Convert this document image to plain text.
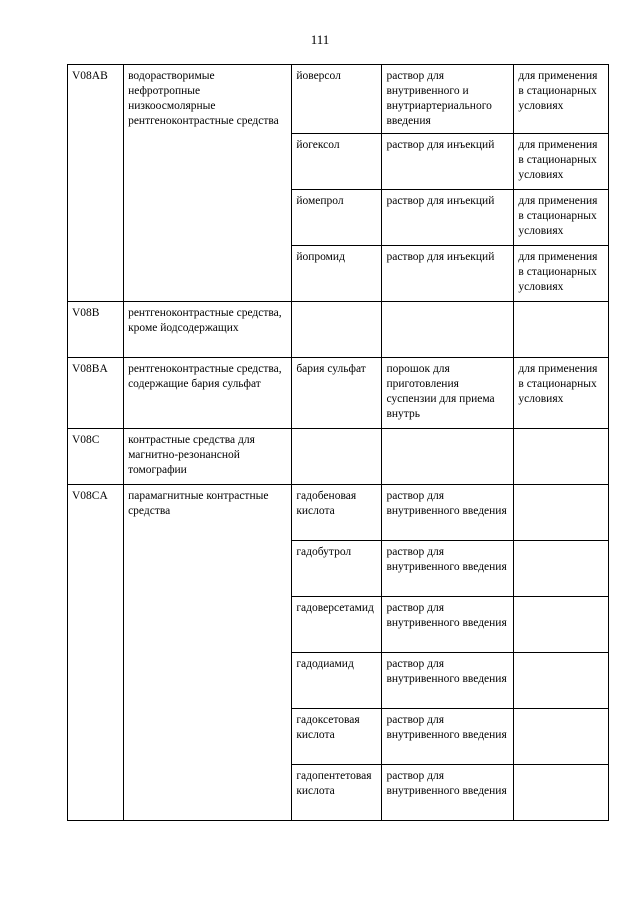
111
V08AB	водорастворимые нефротропные низкоосмолярные рентгеноконтрастные средства	йоверсол	раствор для внутривенного и внутриартериального введения	для применения
в стационарных условиях
		йогексол	раствор для инъекций	для применения
в стационарных условиях
		йомепрол	раствор для инъекций	для применения
в стационарных условиях
		йопромид	раствор для инъекций	для применения
в стационарных условиях
V08B	рентгеноконтрастные средства, кроме йодсодержащих			
V08BA	рентгеноконтрастные средства, содержащие бария сульфат	бария сульфат	порошок для приготовления суспензии для приема внутрь	для применения
в стационарных условиях
V08C	контрастные средства для магнитно-резонансной томографии			
V08CA	парамагнитные контрастные средства	гадобеновая кислота	раствор для внутривенного введения	
		гадобутрол	раствор для внутривенного введения	
		гадоверсетамид	раствор для внутривенного введения	
		гадодиамид	раствор для внутривенного введения	
		гадоксетовая кислота	раствор для внутривенного введения	
		гадопентетовая кислота	раствор для внутривенного введения	
